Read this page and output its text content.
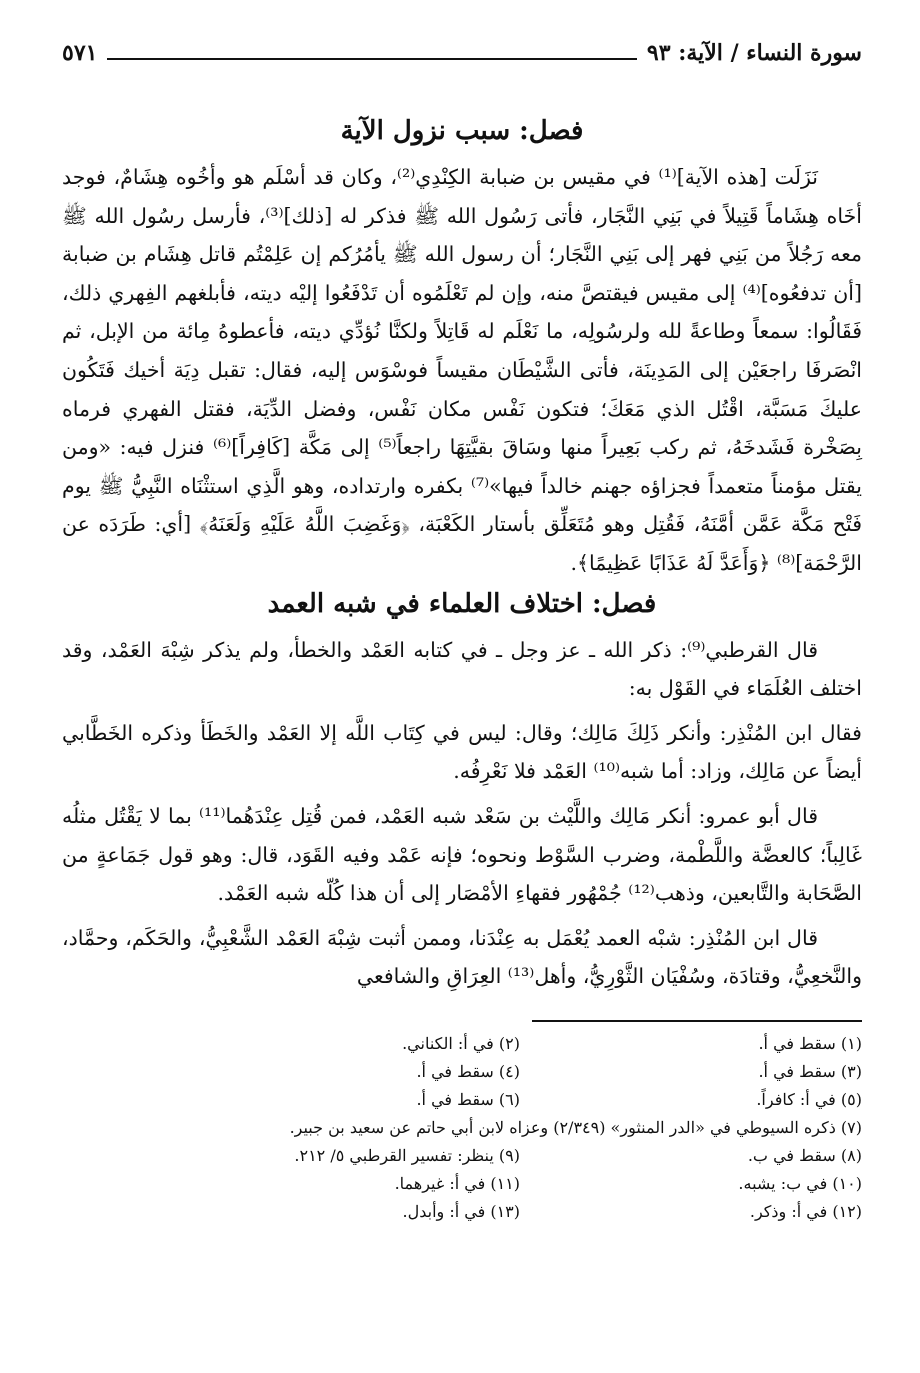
سورة النساء / الآية: ٩٣
٥٧١
فصل: سبب نزول الآية

نَزَلَت [هذه الآية]⁽¹⁾ في مقيس بن ضبابة الكِنْدِي⁽²⁾، وكان قد أسْلَم هو وأخُوه هِشَامٌ، فوجد أخَاه هِشَاماً قَتِيلاً في بَنِي النَّجَار، فأتى رَسُول الله ﷺ فذكر له [ذلك]⁽³⁾، فأرسل رسُول الله ﷺ معه رَجُلاً من بَنِي فهر إلى بَنِي النَّجَار؛ أن رسول الله ﷺ يأمُرُكم إن عَلِمْتُم قاتل هِشَام بن ضبابة [أن تدفعُوه]⁽⁴⁾ إلى مقيس فيقتصَّ منه، وإن لم تَعْلَمُوه أن تَدْفَعُوا إليْه ديته، فأبلغهم الفِهري ذلك، فَقَالُوا: سمعاً وطاعةً لله ولرسُولِه، ما نَعْلَم له قَاتِلاً ولكنَّا نُؤدِّي ديته، فأعطوهُ مِائة من الإبل، ثم انْصَرفَا راجعَيْن إلى المَدِينَة، فأتى الشَّيْطَان مقيساً فوسْوَس إليه، فقال: تقبل دِيَة أخيك فَتَكُون عليكَ مَسَبَّة، اقْتُل الذي مَعَكَ؛ فتكون نَفْس مكان نَفْس، وفضل الدِّيَة، فقتل الفهري فرماه بِصَخْرة فَشَدخَهُ، ثم ركب بَعِيراً منها وسَاقَ بقيَّتِهَا راجعاً⁽⁵⁾ إلى مَكَّة [كَافِراً]⁽⁶⁾ فنزل فيه: «ومن يقتل مؤمناً متعمداً فجزاؤه جهنم خالداً فيها»⁽⁷⁾ بكفره وارتداده، وهو الَّذِي استثْنَاه النَّبِيُّ ﷺ يوم فَتْح مَكَّة عَمَّن أمَّنَهُ، فَقُتِل وهو مُتَعَلِّق بأستار الكَعْبَة، ﴿وَغَضِبَ اللَّهُ عَلَيْهِ وَلَعَنَهُ﴾ [أي: طَرَدَه عن الرَّحْمَة]⁽⁸⁾ ﴿وَأَعَدَّ لَهُ عَذَابًا عَظِيمًا﴾.

فصل: اختلاف العلماء في شبه العمد

قال القرطبي⁽⁹⁾: ذكر الله ـ عز وجل ـ في كتابه العَمْد والخطأ، ولم يذكر شِبْهَ العَمْد، وقد اختلف العُلَمَاء في القَوْل به:

فقال ابن المُنْذِر: وأنكر ذَلِكَ مَالِك؛ وقال: ليس في كِتَاب اللَّه إلا العَمْد والخَطَأ وذكره الخَطَّابي أيضاً عن مَالِك، وزاد: أما شبه⁽¹⁰⁾ العَمْد فلا نَعْرِفُه.

قال أبو عمرو: أنكر مَالِك واللَّيْث بن سَعْد شبه العَمْد، فمن قُتِل عِنْدَهُما⁽¹¹⁾ بما لا يَقْتُل مثلُه غَالِباً؛ كالعضَّة واللَّطْمة، وضرب السَّوْط ونحوه؛ فإنه عَمْد وفيه القَوَد، قال: وهو قول جَمَاعةٍ من الصَّحَابة والتَّابعين، وذهب⁽¹²⁾ جُمْهُور فقهاءِ الأمْصَار إلى أن هذا كُلّه شبه العَمْد.

قال ابن المُنْذِر: شبْه العمد يُعْمَل به عِنْدَنا، وممن أثبت شِبْهَ العَمْد الشَّعْبِيُّ، والحَكَم، وحمَّاد، والنَّخعِيُّ، وقتادَة، وسُفْيَان الثَّوْرِيُّ، وأهل⁽¹³⁾ العِرَاقِ والشافعي

(١) سقط في أ.
(٢) في أ: الكناني.
(٣) سقط في أ.
(٤) سقط في أ.
(٥) في أ: كافراً.
(٦) سقط في أ.
(٧) ذكره السيوطي في «الدر المنثور» (٢/٣٤٩) وعزاه لابن أبي حاتم عن سعيد بن جبير.
(٨) سقط في ب.
(٩) ينظر: تفسير القرطبي ٥/ ٢١٢.
(١٠) في ب: يشبه.
(١١) في أ: غيرهما.
(١٢) في أ: وذكر.
(١٣) في أ: وأبدل.
